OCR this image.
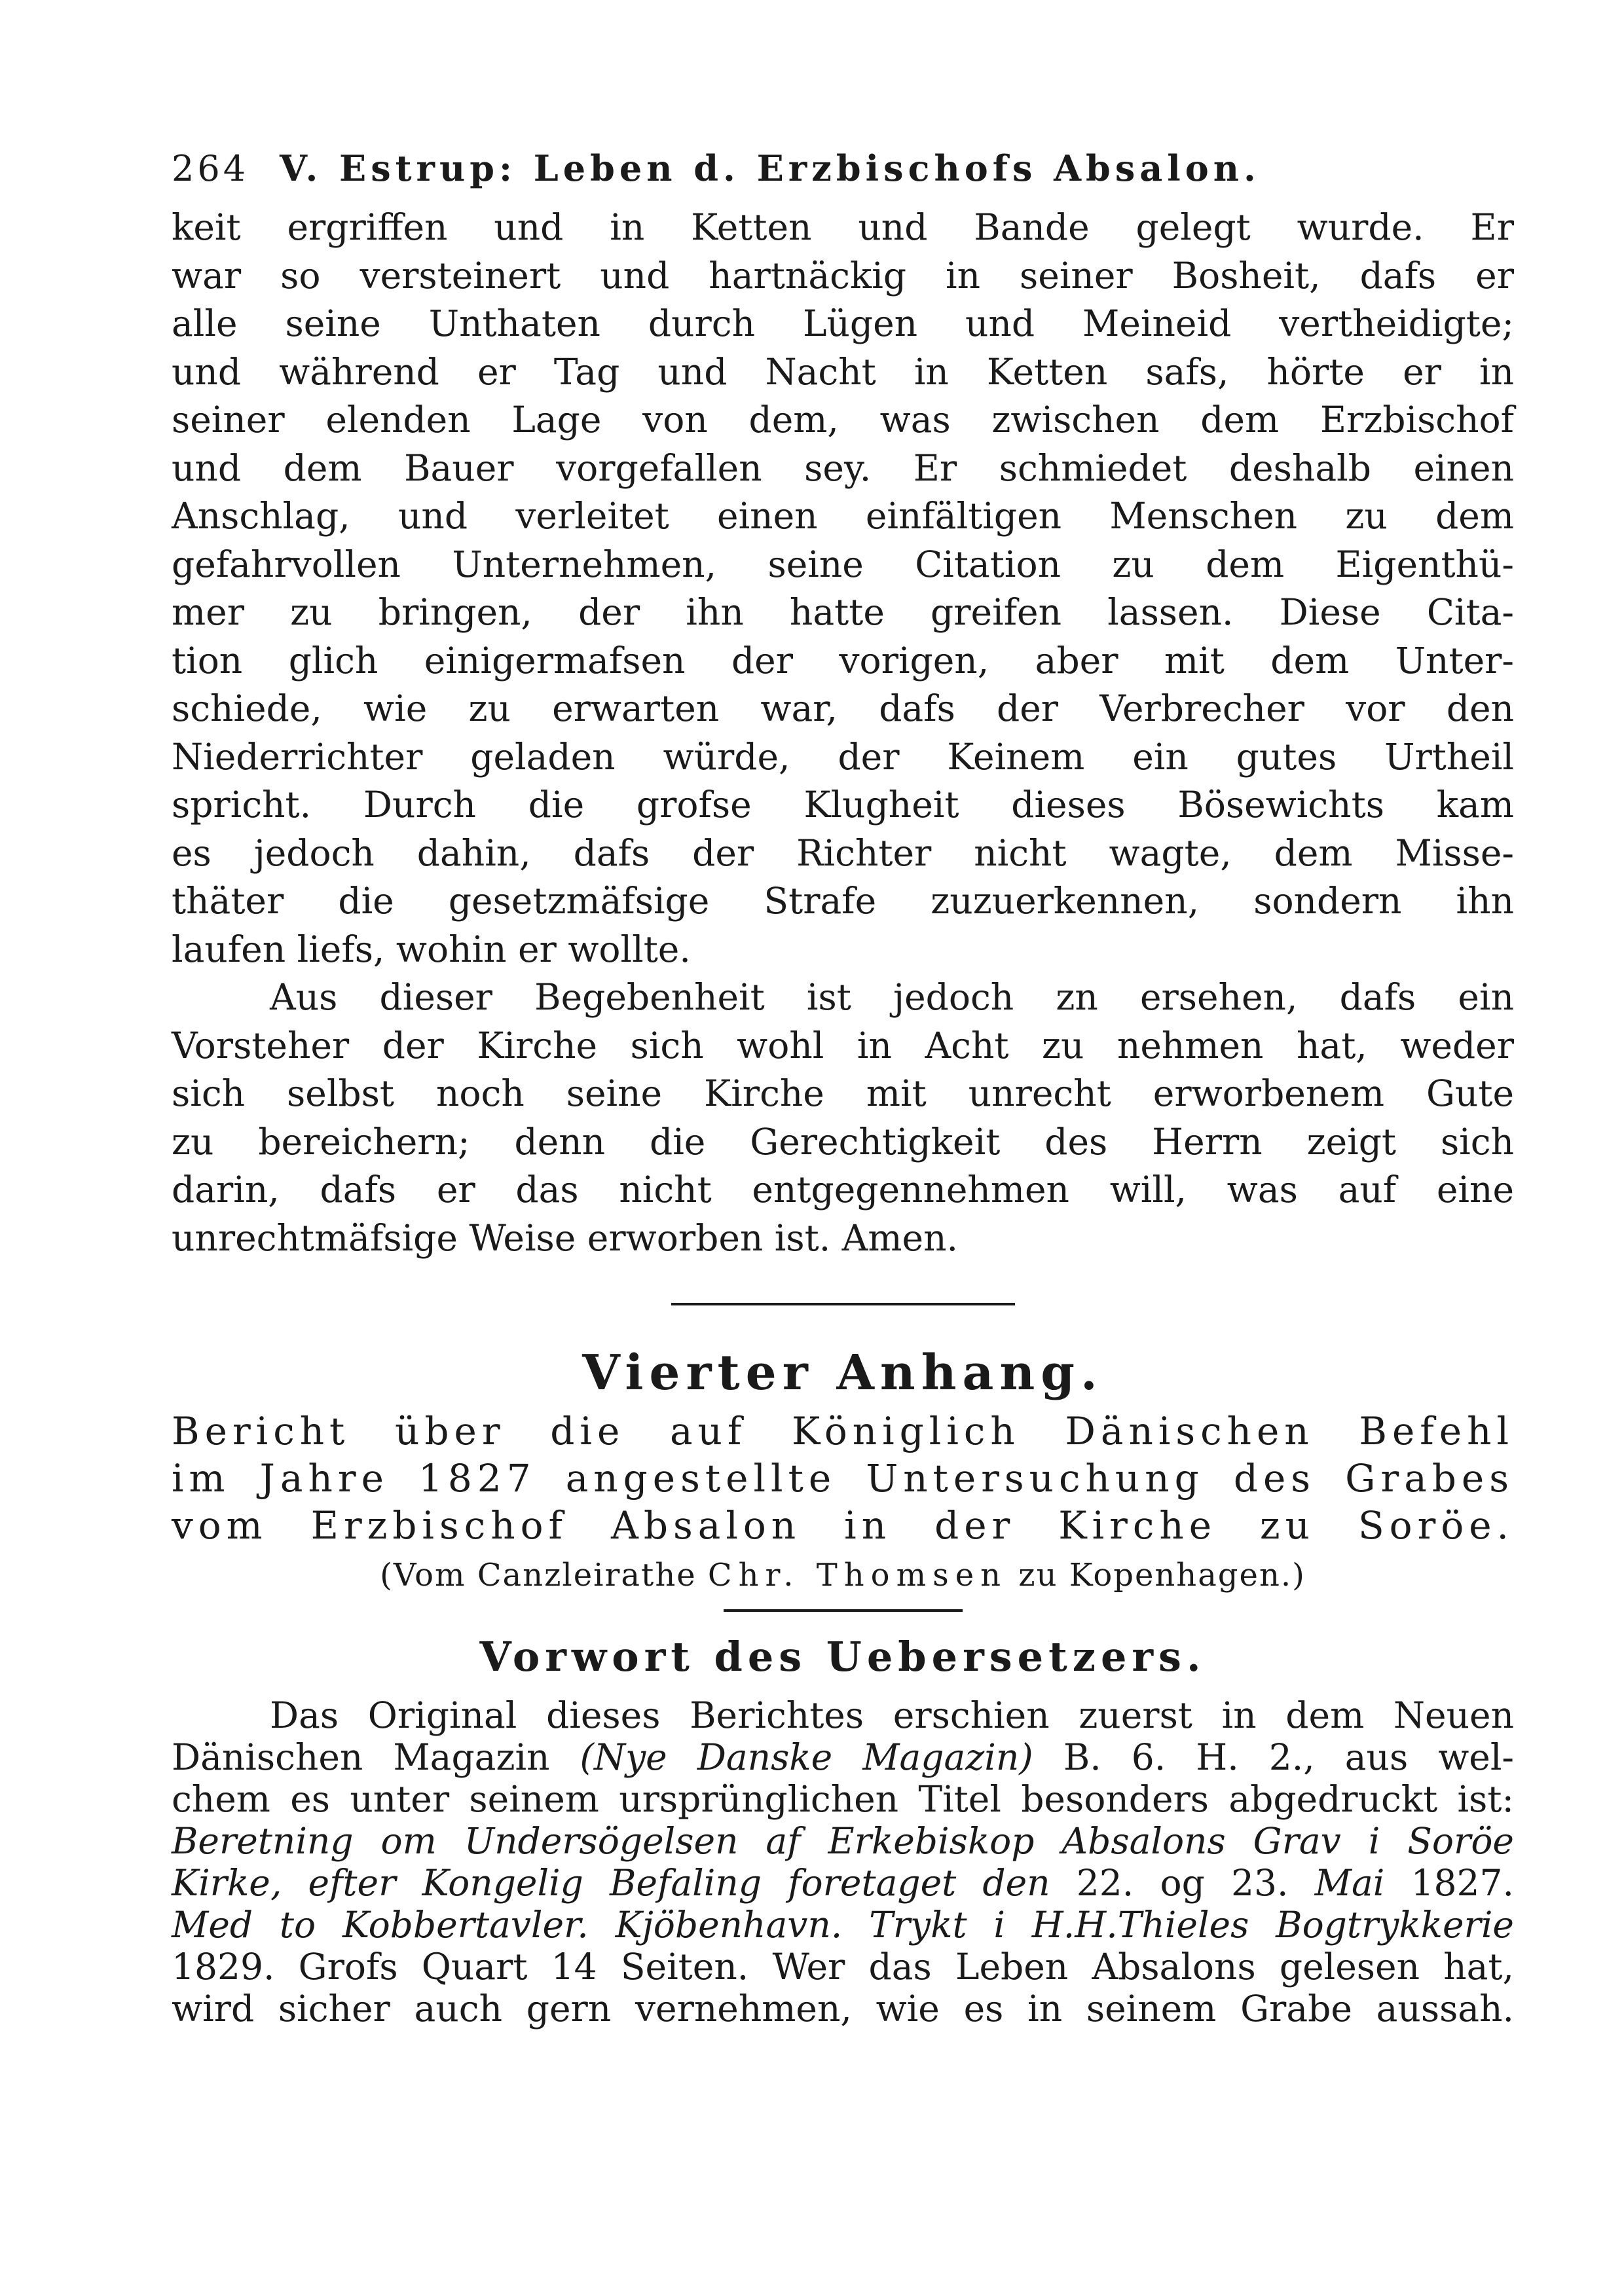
264 V. Estrup: Leben d. Erzbischofs Absalon.
keit ergriffen und in Ketten und Bande gelegt wurde. Er
war so versteinert und hartnäckig in seiner Bosheit, dafs er
alle seine Unthaten durch Lügen und Meineid vertheidigte;
und während er Tag und Nacht in Ketten safs, hörte er in
seiner elenden Lage von dem, was zwischen dem Erzbischof
und dem Bauer vorgefallen sey. Er schmiedet deshalb einen
Anschlag, und verleitet einen einfältigen Menschen zu dem
gefahrvollen Unternehmen, seine Citation zu dem Eigenthü-
mer zu bringen, der ihn hatte greifen lassen. Diese Cita-
tion glich einigermafsen der vorigen, aber mit dem Unter-
schiede, wie zu erwarten war, dafs der Verbrecher vor den
Niederrichter geladen würde, der Keinem ein gutes Urtheil
spricht. Durch die grofse Klugheit dieses Bösewichts kam
es jedoch dahin, dafs der Richter nicht wagte, dem Misse-
thäter die gesetzmäfsige Strafe zuzuerkennen, sondern ihn
laufen liefs, wohin er wollte.
Aus dieser Begebenheit ist jedoch zn ersehen, dafs ein
Vorsteher der Kirche sich wohl in Acht zu nehmen hat, weder
sich selbst noch seine Kirche mit unrecht erworbenem Gute
zu bereichern; denn die Gerechtigkeit des Herrn zeigt sich
darin, dafs er das nicht entgegennehmen will, was auf eine
unrechtmäfsige Weise erworben ist. Amen.
Vierter Anhang.
Bericht über die auf Königlich Dänischen Befehl
im Jahre 1827 angestellte Untersuchung des Grabes
vom Erzbischof Absalon in der Kirche zu Soröe.

(Vom Canzleirathe Chr. Thomsen zu Kopenhagen.)

Vorwort des Uebersetzers.
Das Original dieses Berichtes erschien zuerst in dem Neuen
Dänischen Magazin (Nye Danske Magazin) B. 6. H. 2., aus wel-
chem es unter seinem ursprünglichen Titel besonders abgedruckt ist:
Beretning om Undersögelsen af Erkebiskop Absalons Grav i Soröe
Kirke, efter Kongelig Befaling foretaget den 22. og 23. Mai 1827.
Med to Kobbertavler. Kjöbenhavn. Trykt i H.H.Thieles Bogtrykkerie
1829. Grofs Quart 14 Seiten. Wer das Leben Absalons gelesen hat,
wird sicher auch gern vernehmen, wie es in seinem Grabe aussah.
